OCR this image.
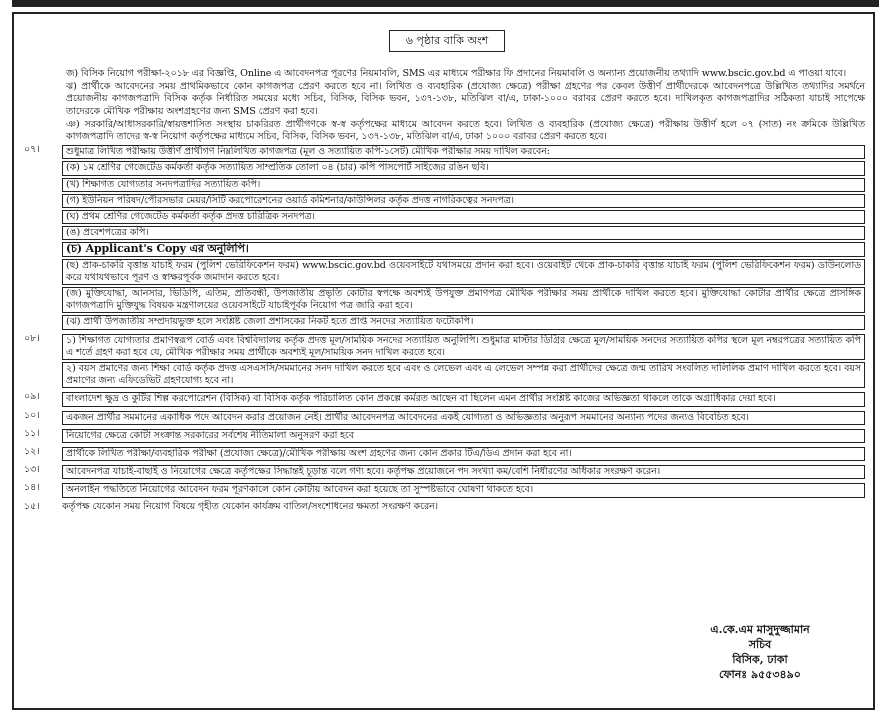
৬ পৃষ্ঠার বাকি অংশ

জ) বিসিক নিয়োগ পরীক্ষা-২০১৮ এর বিজ্ঞপ্তি, Online এ আবেদনপত্র পূরণের নিয়মাবলি, SMS এর মাধ্যমে পরীক্ষার ফি প্রদানের নিয়মাবলি ও অন্যান্য প্রয়োজনীয় তথ্যাদি www.bscic.gov.bd এ পাওয়া যাবে।

ঝ) প্রার্থীকে আবেদনের সময় প্রাথমিকভাবে কোন কাগজপত্র প্রেরণ করতে হবে না। লিখিত ও ব্যবহারিক (প্রযোজ্য ক্ষেত্রে) পরীক্ষা গ্রহণের পর কেবল উত্তীর্ণ প্রার্থীদেরকে আবেদনপত্রে উল্লিখিত তথ্যাদির সমর্থনে প্রয়োজনীয় কাগজপত্রাদি বিসিক কর্তৃক নির্ধারিত সময়ের মধ্যে সচিব, বিসিক, বিসিক ভবন, ১৩৭-১৩৮, মতিঝিল বা/এ, ঢাকা-১০০০ বরাবর প্রেরণ করতে হবে। দাখিলকৃত কাগজপত্রাদির সঠিকতা যাচাই সাপেক্ষে তাদেরকে মৌখিক পরীক্ষায় অংশগ্রহণের জন্য SMS প্রেরণ করা হবে।

ঞ) সরকারি/আধাসরকারি/স্বায়ত্তশাসিত সংস্থায় চাকরিরত প্রার্থীগণকে স্ব-স্ব কর্তৃপক্ষের মাধ্যমে আবেদন করতে হবে। লিখিত ও ব্যবহারিক (প্রযোজ্য ক্ষেত্রে) পরীক্ষায় উত্তীর্ণ হলে ০৭ (সাত) নং ক্রমিকে উল্লিখিত কাগজপত্রাদি তাদের স্ব-স্ব নিয়োগ কর্তৃপক্ষের মাধ্যমে সচিব, বিসিক, বিসিক ভবন, ১৩৭-১৩৮, মতিঝিল বা/এ, ঢাকা ১০০০ বরাবর প্রেরণ করতে হবে।

০৭।	শুধুমাত্র লিখিত পরীক্ষায় উত্তীর্ণ প্রার্থীগণ নিম্নলিখিত কাগজপত্র (মূল ও সত্যায়িত কপি-১সেট) মৌখিক পরীক্ষার সময় দাখিল করবেন:
(ক) ১ম শ্রেণির গেজেটেড কর্মকর্তা কর্তৃক সত্যায়িত সাম্প্রতিক তোলা ০৪ (চার) কপি পাসপোর্ট সাইজের রঙিন ছবি।
(খ) শিক্ষাগত যোগ্যতার সনদপত্রাদির সত্যায়িত কপি।
(গ) ইউনিয়ন পরিষদ/পৌরসভার মেয়র/সিটি করপোরেশনের ওয়ার্ড কমিশনার/কাউন্সিলর কর্তৃক প্রদত্ত নাগরিকত্বের সনদপত্র।
(ঘ) প্রথম শ্রেণির গেজেটেড কর্মকর্তা কর্তৃক প্রদত্ত চারিত্রিক সনদপত্র।
(ঙ) প্রবেশপত্রের কপি।
(চ) Applicant's Copy এর অনুলিপি।
(ছ) প্রাক-চাকরি বৃত্তান্ত যাচাই ফরম (পুলিশ ভেরিফিকেশন ফরম) www.bscic.gov.bd ওয়েবসাইটে যথাসময়ে প্রদান করা হবে। ওয়েবাইট থেকে প্রাক-চাকরি বৃত্তান্ত যাচাই ফরম (পুলিশ ভেরিফিকেশন ফরম) ডাউনলোড করে যথাযথভাবে পূরণ ও স্বাক্ষরপূর্বক জমাদান করতে হবে।
(জ) মুক্তিযোদ্ধা, আনসার, ভিডিপি, এতিম, প্রতিবন্ধী, উপজাতীয় প্রভৃতি কোটার স্বপক্ষে অবশ্যই উপযুক্ত প্রমাণপত্র মৌখিক পরীক্ষার সময় প্রার্থীকে দাখিল করতে হবে। মুক্তিযোদ্ধা কোটার প্রার্থীর ক্ষেত্রে প্রাসঙ্গিক কাগজপত্রাদি মুক্তিযুদ্ধ বিষয়ক মন্ত্রণালয়ের ওয়েবসাইটে যাচাইপূর্বক নিয়োগ পত্র জারি করা হবে।
(ঝ) প্রার্থী উপজাতীয় সম্প্রদায়ভুক্ত হলে সংশ্লিষ্ট জেলা প্রশাসকের নিকট হতে প্রাপ্ত সনদের সত্যায়িত ফটোকপি।
০৮।	১) শিক্ষাগত যোগ্যতার প্রমাণস্বরূপ বোর্ড এবং বিশ্ববিদ্যালয় কর্তৃক প্রদত্ত মূল/সাময়িক সনদের সত্যায়িত অনুলিপি। শুধুমাত্র মাস্টার ডিগ্রির ক্ষেত্রে মূল/সাময়িক সনদের সত্যায়িত কপির স্থলে মূল নম্বরপত্রের সত্যায়িত কপি এ শর্তে গ্রহণ করা হবে যে, মৌখিক পরীক্ষার সময় প্রার্থীকে অবশ্যই মূল/সাময়িক সনদ দাখিল করতে হবে।
২) বয়স প্রমাণের জন্য শিক্ষা বোর্ড কর্তৃক প্রদত্ত এসএসসি/সমমানের সনদ দাখিল করতে হবে এবং ও লেভেল এবং এ লেভেল সম্পন্ন করা প্রার্থীদের ক্ষেত্রে জন্ম তারিখ সংবলিত দালিলিক প্রমাণ দাখিল করতে হবে। বয়স প্রমাণের জন্য এফিডেভিট গ্রহণযোগ্য হবে না।
০৯।	বাংলাদেশ ক্ষুদ্র ও কুটির শিল্প করপোরেশন (বিসিক) বা বিসিক কর্তৃক পরিচালিত কোন প্রকল্পে কর্মরত আছেন বা ছিলেন এমন প্রার্থীর সংশ্লিষ্ট কাজের অভিজ্ঞতা থাকলে তাকে অগ্রাধিকার দেয়া হবে।
১০।	একজন প্রার্থীর সমমানের একাধিক পদে আবেদন করার প্রয়োজন নেই। প্রার্থীর আবেদনপত্র আবেদনের একই যোগ্যতা ও অভিজ্ঞতার অনুরূপ সমমানের অন্যান্য পদের জন্যও বিবেচিত হবে।
১১।	নিয়োগের ক্ষেত্রে কোটা সংক্রান্ত সরকারের সর্বশেষ নীতিমালা অনুসরণ করা হবে
১২।	প্রার্থীকে লিখিত পরীক্ষা/ব্যবহারিক পরীক্ষা (প্রযোজ্য ক্ষেত্রে)/মৌখিক পরীক্ষায় অংশ গ্রহণের জন্য কোন প্রকার টিএ/ডিএ প্রদান করা হবে না।
১৩।	আবেদনপত্র যাচাই-বাছাই ও নিয়োগের ক্ষেত্রে কর্তৃপক্ষের সিদ্ধান্তই চূড়ান্ত বলে গণ্য হবে। কর্তৃপক্ষ প্রয়োজনে পদ সংখ্যা কম/বেশি নির্ধারণের অধিকার সংরক্ষণ করেন।
১৪।	অনলাইন পদ্ধতিতে নিয়োগের আবেদন ফরম পূরণকালে কোন কোটায় আবেদন করা হয়েছে তা সুস্পষ্টভাবে ঘোষণা থাকতে হবে।
১৫।	কর্তৃপক্ষ যেকোন সময় নিয়োগ বিষয়ে গৃহীত যেকোন কার্যক্রম বাতিল/সংশোধনের ক্ষমতা সংরক্ষণ করেন।
এ.কে.এম মাসুদুজ্জামান
সচিব
বিসিক, ঢাকা
ফোনঃ ৯৫৫৩৪৯০
